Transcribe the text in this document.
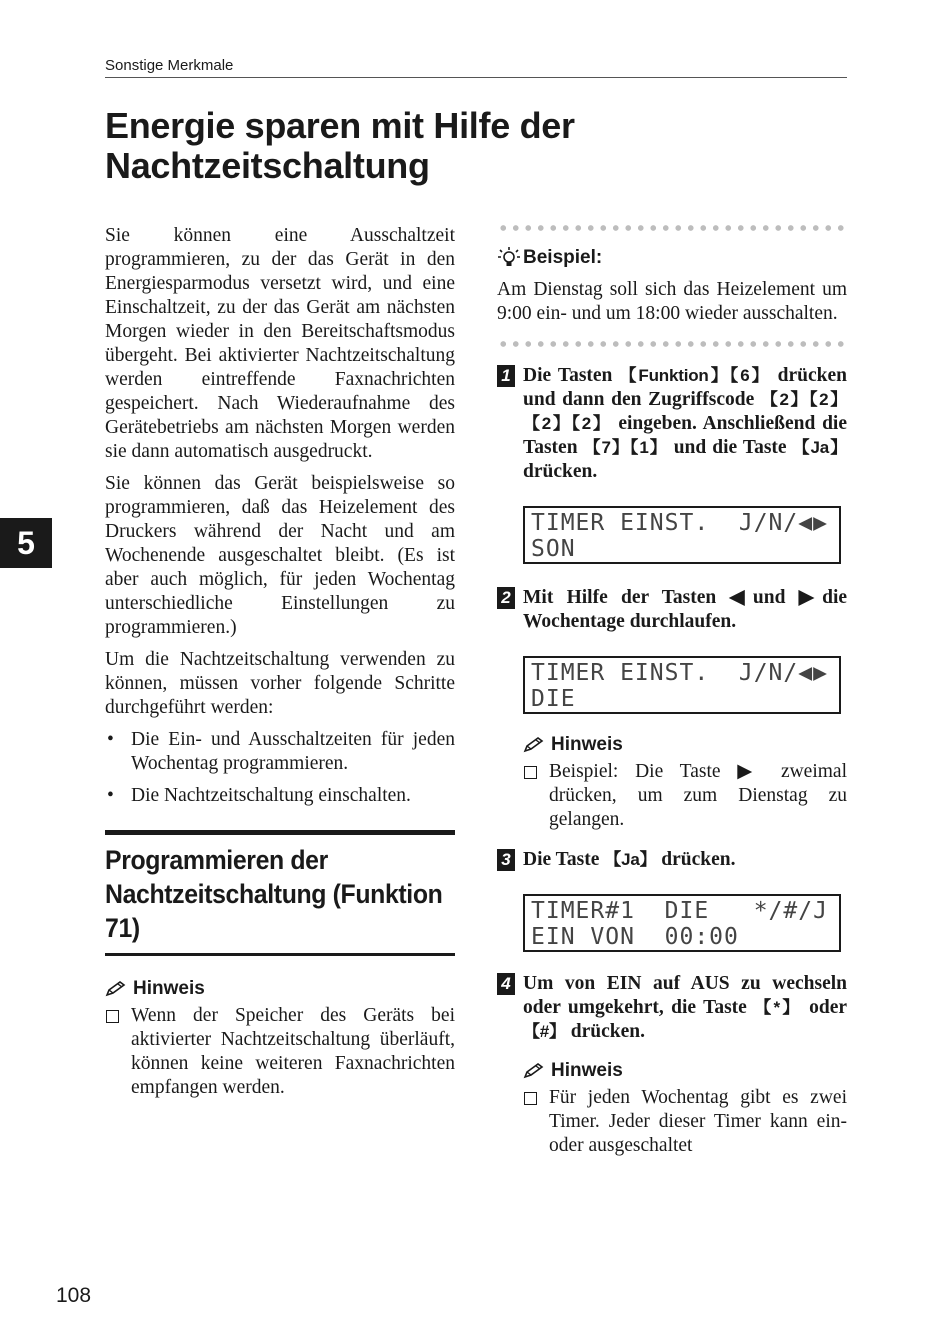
Sonstige Merkmale
Energie sparen mit Hilfe der
Nachtzeitschaltung
5

Sie können eine Ausschaltzeit programmieren, zu der das Gerät in den Energiesparmodus versetzt wird, und eine Einschaltzeit, zu der das Gerät am nächsten Morgen wieder in den Bereitschaftsmodus übergeht. Bei aktivierter Nachtzeitschaltung werden eintreffende Faxnachrichten gespeichert. Nach Wiederaufnahme des Gerätebetriebs am nächsten Morgen werden sie dann automatisch ausgedruckt.

Sie können das Gerät beispielsweise so programmieren, daß das Heizelement des Druckers während der Nacht und am Wochenende ausgeschaltet bleibt. (Es ist aber auch möglich, für jeden Wochentag unterschiedliche Einstellungen zu programmieren.)

Um die Nachtzeitschaltung verwenden zu können, müssen vorher folgende Schritte durchgeführt werden:

• Die Ein- und Ausschaltzeiten für jeden Wochentag programmieren.
• Die Nachtzeitschaltung einschalten.
Programmieren der
Nachtzeitschaltung (Funktion
71)
Hinweis

Wenn der Speicher des Geräts bei aktivierter Nachtzeitschaltung überläuft, können keine weiteren Faxnachrichten empfangen werden.

Beispiel:

Am Dienstag soll sich das Heizelement um 9:00 ein- und um 18:00 wieder ausschalten.

1 Die Tasten 【Funktion】【6】 drücken und dann den Zugriffscode 【2】【2】【2】【2】 eingeben. Anschließend die Tasten 【7】【1】 und die Taste 【Ja】 drücken.

TIMER EINST.  J/N/◀▶
SON

2 Mit Hilfe der Tasten ◀und ▶die Wochentage durchlaufen.

TIMER EINST.  J/N/◀▶
DIE
Hinweis

Beispiel: Die Taste ▶ zweimal drücken, um zum Dienstag zu gelangen.

3 Die Taste 【Ja】 drücken.

TIMER#1  DIE   */#/J
EIN VON  00:00

4 Um von EIN auf AUS zu wechseln oder umgekehrt, die Taste 【*】 oder 【#】 drücken.

Hinweis

Für jeden Wochentag gibt es zwei Timer. Jeder dieser Timer kann ein- oder ausgeschaltet

108
